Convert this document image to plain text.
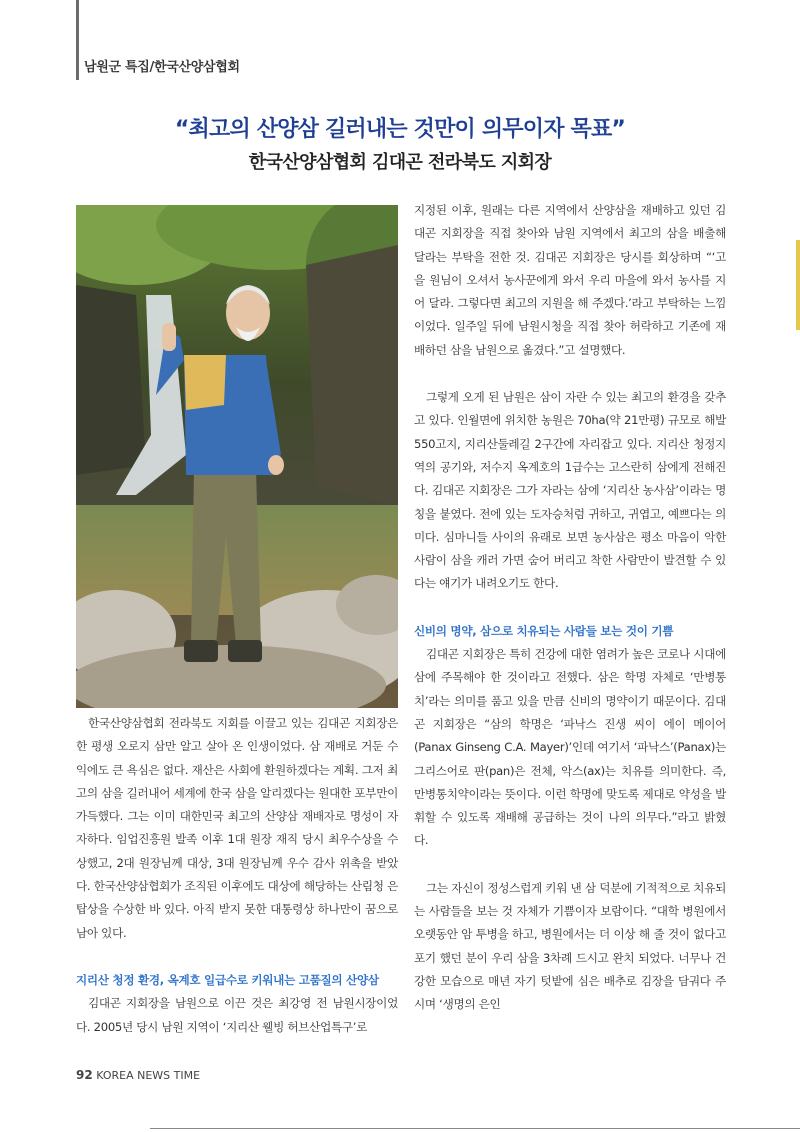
남원군 특집/한국산양삼협회
“최고의 산양삼 길러내는 것만이 의무이자 목표”
한국산양삼협회 김대곤 전라북도 지회장

지정된 이후, 원래는 다른 지역에서 산양삼을 재배하고 있던 김대곤 지회장을 직접 찾아와 남원 지역에서 최고의 삼을 배출해 달라는 부탁을 전한 것. 김대곤 지회장은 당시를 회상하며 “‘고을 원님이 오셔서 농사꾼에게 와서 우리 마을에 와서 농사를 지어 달라. 그렇다면 최고의 지원을 해 주겠다.’라고 부탁하는 느낌이었다. 일주일 뒤에 남원시청을 직접 찾아 허락하고 기존에 재배하던 삼을 남원으로 옮겼다.”고 설명했다.

그렇게 오게 된 남원은 삼이 자란 수 있는 최고의 환경을 갖추고 있다. 인월면에 위치한 농원은 70ha(약 21만평) 규모로 해발 550고지, 지리산둘레길 2구간에 자리잡고 있다. 지리산 청정지역의 공기와, 저수지 옥계호의 1급수는 고스란히 삼에게 전해진다. 김대곤 지회장은 그가 자라는 삼에 ‘지리산 농사삼’이라는 명칭을 붙였다. 전에 있는 도자승처럼 귀하고, 귀엽고, 예쁘다는 의미다. 심마니들 사이의 유래로 보면 농사삼은 평소 마음이 악한 사람이 삼을 캐러 가면 숨어 버리고 착한 사람만이 발견할 수 있다는 얘기가 내려오기도 한다.

신비의 명약, 삼으로 치유되는 사람들 보는 것이 기쁨

김대곤 지회장은 특히 건강에 대한 염려가 높은 코로나 시대에 삼에 주목해야 한 것이라고 전했다. 삼은 학명 자체로 ‘만병통치’라는 의미를 품고 있을 만큼 신비의 명약이기 때문이다. 김대곤 지회장은 “삼의 학명은 ‘파낙스 진생 씨이 에이 메이어 (Panax Ginseng C.A. Mayer)’인데 여기서 ‘파낙스’(Panax)는 그리스어로 판(pan)은 전체, 악스(ax)는 치유를 의미한다. 즉, 만병통치약이라는 뜻이다. 이런 학명에 맞도록 제대로 약성을 발휘할 수 있도록 재배해 공급하는 것이 나의 의무다.”라고 밝혔다.

그는 자신이 정성스럽게 키워 낸 삼 덕분에 기적적으로 치유되는 사람들을 보는 것 자체가 기쁨이자 보람이다. “대학 병원에서 오랫동안 암 투병을 하고, 병원에서는 더 이상 해 줄 것이 없다고 포기 했던 분이 우리 삼을 3차례 드시고 완치 되었다. 너무나 건강한 모습으로 매년 자기 텃밭에 심은 배추로 김장을 담궈다 주시며 ‘생명의 은인

한국산양삼협회 전라북도 지회를 이끌고 있는 김대곤 지회장은 한 평생 오로지 삼만 알고 살아 온 인생이었다. 삼 재배로 거둔 수익에도 큰 욕심은 없다. 재산은 사회에 환원하겠다는 계획. 그저 최고의 삼을 길러내어 세계에 한국 삼을 알리겠다는 원대한 포부만이 가득했다. 그는 이미 대한민국 최고의 산양삼 재배자로 명성이 자자하다. 임업진흥원 발족 이후 1대 원장 재직 당시 최우수상을 수상했고, 2대 원장님께 대상, 3대 원장님께 우수 감사 위촉을 받았다. 한국산양삼협회가 조직된 이후에도 대상에 해당하는 산림청 은탑상을 수상한 바 있다. 아직 받지 못한 대통령상 하나만이 꿈으로 남아 있다.

지리산 청정 환경, 옥계호 일급수로 키워내는 고품질의 산양삼

김대곤 지회장을 남원으로 이끈 것은 최강영 전 남원시장이었다. 2005년 당시 남원 지역이 ‘지리산 웰빙 허브산업특구’로

92 KOREA NEWS TIME
